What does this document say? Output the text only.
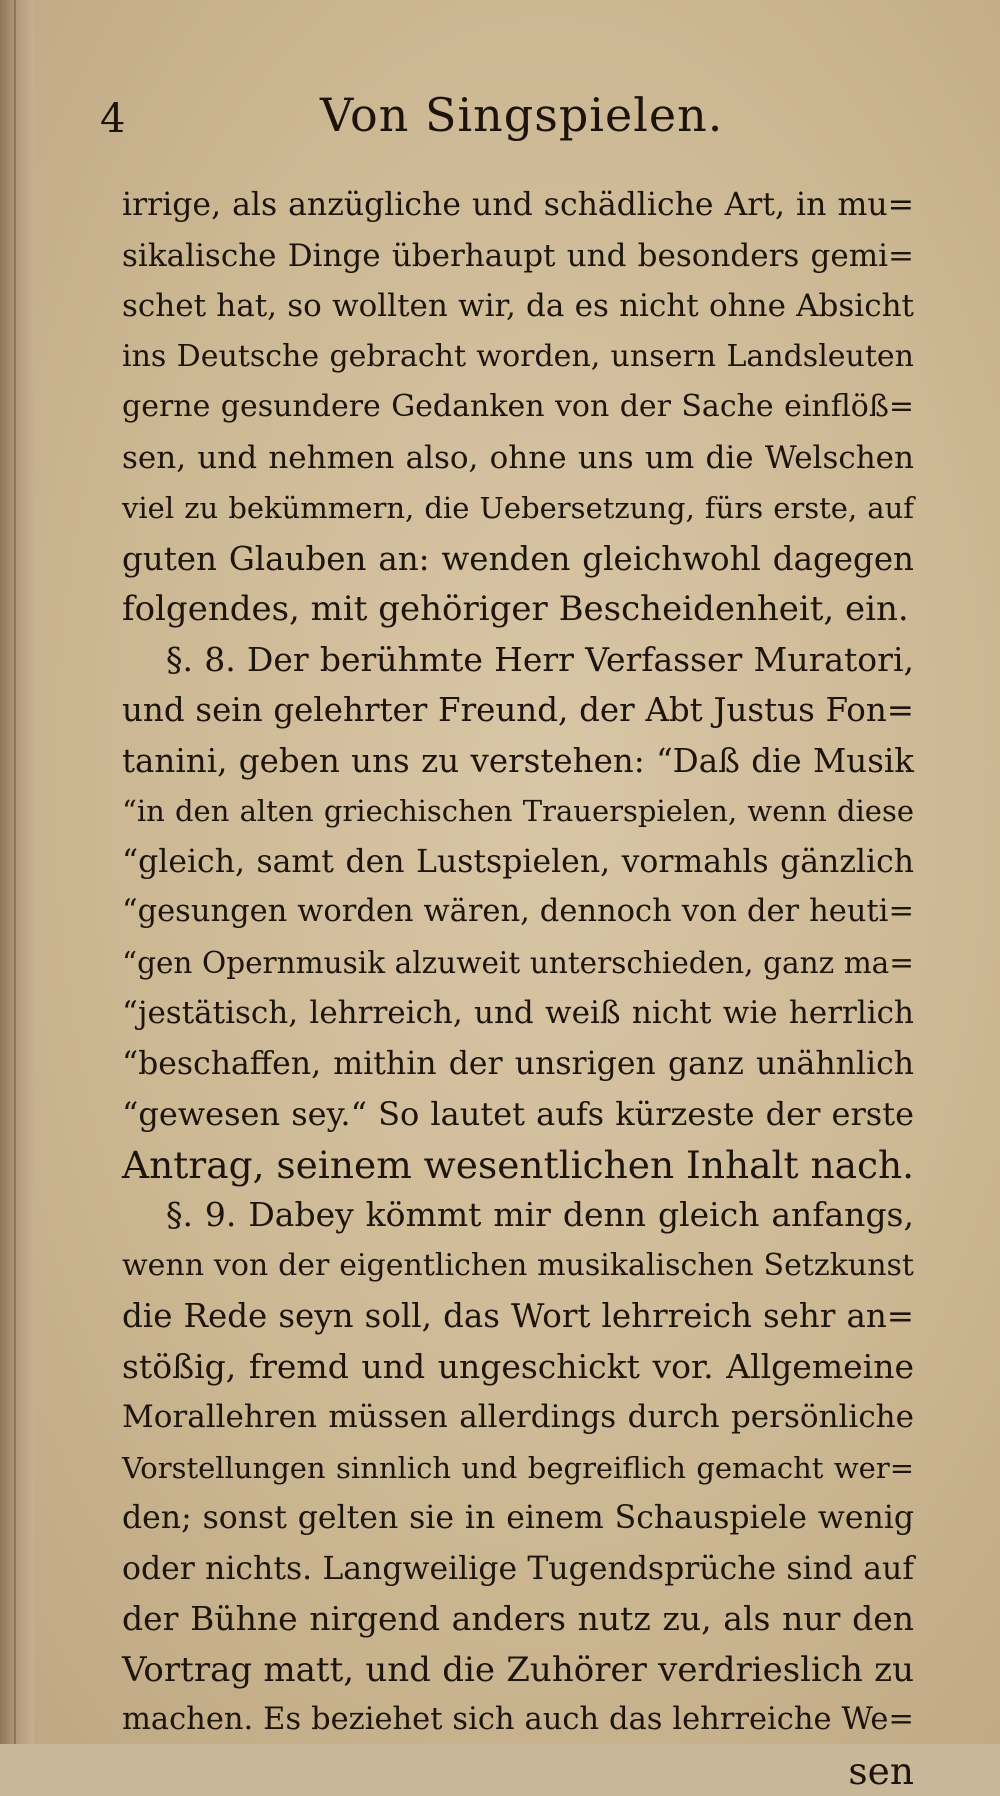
4	Von Singspielen.
irrige, als anzügliche und schädliche Art, in mu=
sikalische Dinge überhaupt und besonders gemi=
schet hat, so wollten wir, da es nicht ohne Absicht
ins Deutsche gebracht worden, unsern Landsleuten
gerne gesundere Gedanken von der Sache einflöß=
sen, und nehmen also, ohne uns um die Welschen
viel zu bekümmern, die Uebersetzung, fürs erste, auf
guten Glauben an: wenden gleichwohl dagegen
folgendes, mit gehöriger Bescheidenheit, ein.
§. 8. Der berühmte Herr Verfasser Muratori,
und sein gelehrter Freund, der Abt Justus Fon=
tanini, geben uns zu verstehen: “Daß die Musik
“in den alten griechischen Trauerspielen, wenn diese
“gleich, samt den Lustspielen, vormahls gänzlich
“gesungen worden wären, dennoch von der heuti=
“gen Opernmusik alzuweit unterschieden, ganz ma=
“jestätisch, lehrreich, und weiß nicht wie herrlich
“beschaffen, mithin der unsrigen ganz unähnlich
“gewesen sey.“ So lautet aufs kürzeste der erste
Antrag, seinem wesentlichen Inhalt nach.
§. 9. Dabey kömmt mir denn gleich anfangs,
wenn von der eigentlichen musikalischen Setzkunst
die Rede seyn soll, das Wort lehrreich sehr an=
stößig, fremd und ungeschickt vor. Allgemeine
Morallehren müssen allerdings durch persönliche
Vorstellungen sinnlich und begreiflich gemacht wer=
den; sonst gelten sie in einem Schauspiele wenig
oder nichts. Langweilige Tugendsprüche sind auf
der Bühne nirgend anders nutz zu, als nur den
Vortrag matt, und die Zuhörer verdrieslich zu
machen. Es beziehet sich auch das lehrreiche We=
sen
